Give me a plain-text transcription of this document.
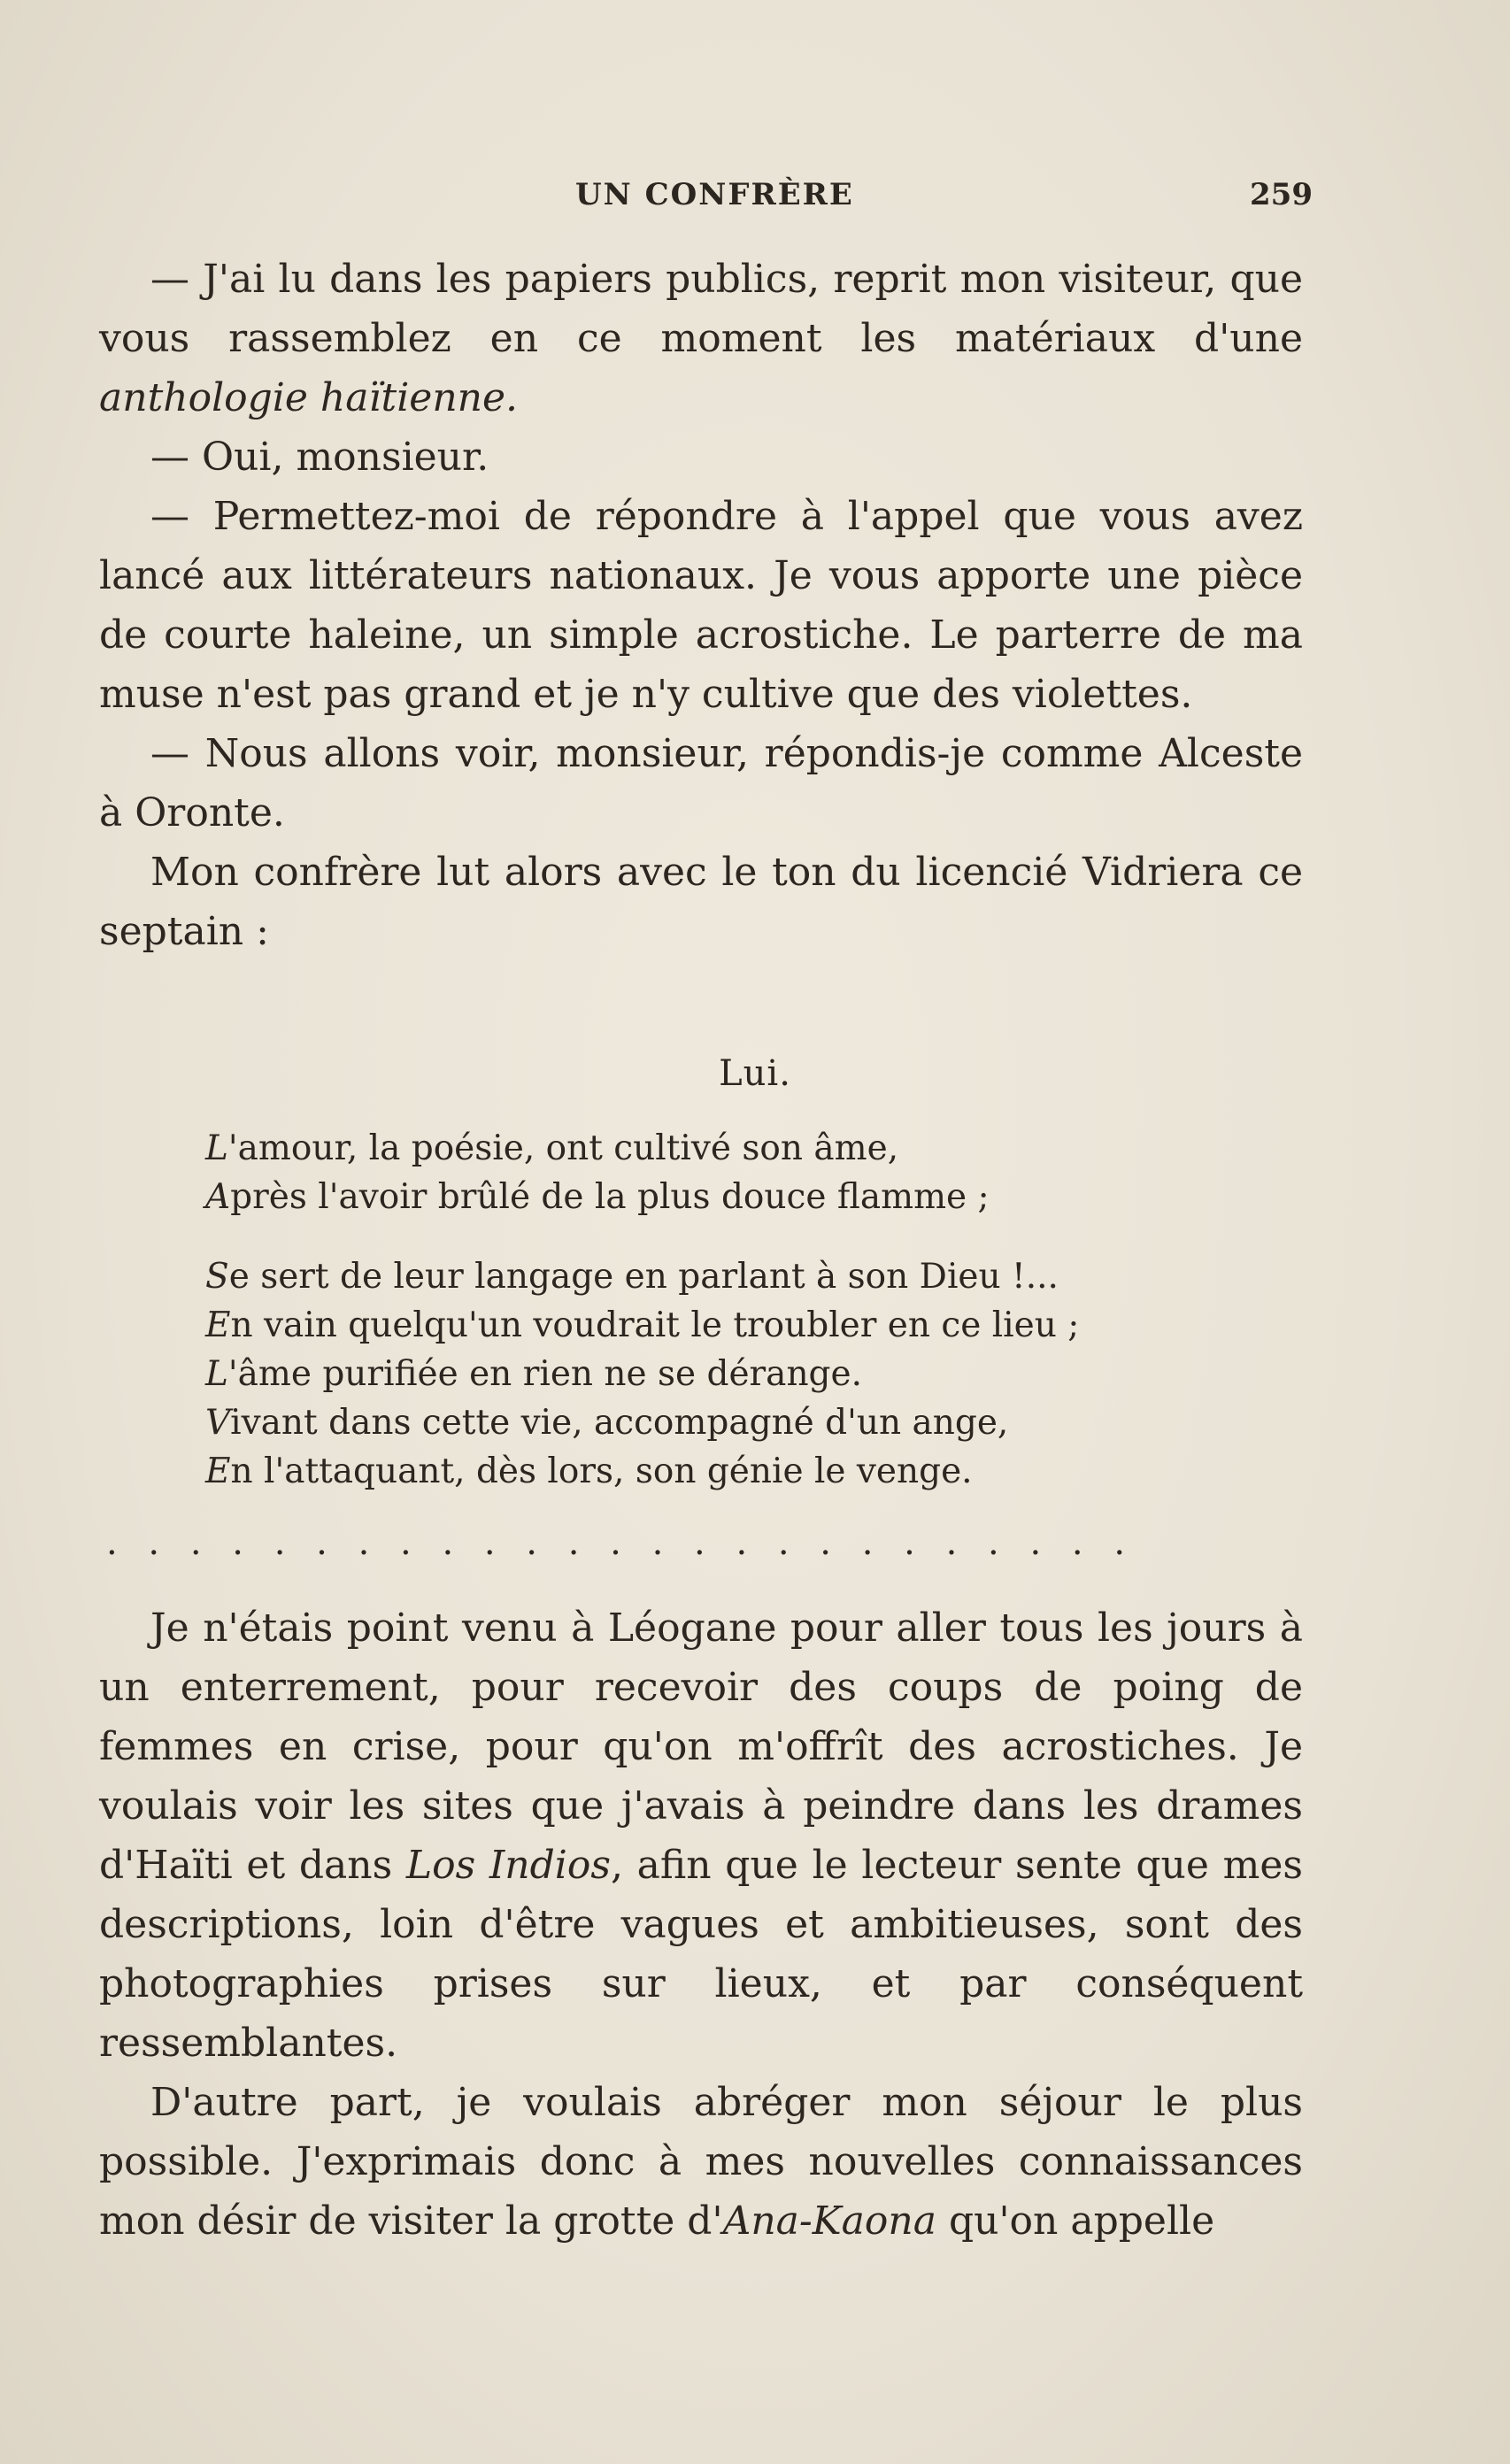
UN CONFRÈRE	259

— J'ai lu dans les papiers publics, reprit mon visiteur, que vous rassemblez en ce moment les matériaux d'une anthologie haïtienne.

— Oui, monsieur.

— Permettez-moi de répondre à l'appel que vous avez lancé aux littérateurs nationaux. Je vous apporte une pièce de courte haleine, un simple acrostiche. Le parterre de ma muse n'est pas grand et je n'y cultive que des violettes.

— Nous allons voir, monsieur, répondis-je comme Alceste à Oronte.

Mon confrère lut alors avec le ton du licencié Vidriera ce septain :

Lui.
L'amour, la poésie, ont cultivé son âme,
Après l'avoir brûlé de la plus douce flamme ;
Se sert de leur langage en parlant à son Dieu !...
En vain quelqu'un voudrait le troubler en ce lieu ;
L'âme purifiée en rien ne se dérange.
Vivant dans cette vie, accompagné d'un ange,
En l'attaquant, dès lors, son génie le venge.
. . . . . . . . . . . . . . . . . . . . . . . . .

Je n'étais point venu à Léogane pour aller tous les jours à un enterrement, pour recevoir des coups de poing de femmes en crise, pour qu'on m'offrît des acrostiches. Je voulais voir les sites que j'avais à peindre dans les drames d'Haïti et dans Los Indios, afin que le lecteur sente que mes descriptions, loin d'être vagues et ambitieuses, sont des photographies prises sur lieux, et par conséquent ressemblantes.

D'autre part, je voulais abréger mon séjour le plus possible. J'exprimais donc à mes nouvelles connaissances mon désir de visiter la grotte d'Ana-Kaona qu'on appelle
